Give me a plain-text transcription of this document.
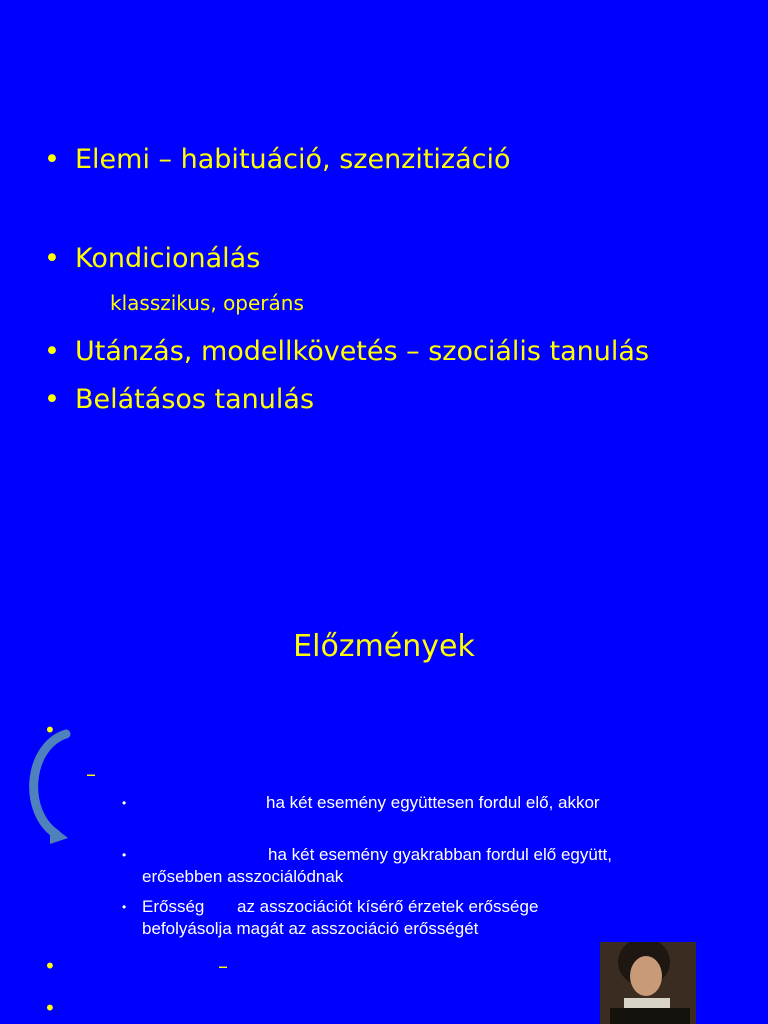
• Elemi – habituáció, szenzitizáció
• Kondicionálás
klasszikus, operáns
• Utánzás, modellkövetés – szociális tanulás
• Belátásos tanulás
Előzmények
•
–
•	ha két esemény együttesen fordul elő, akkor
•	ha két esemény gyakrabban fordul elő együtt,
erősebben asszociálódnak
• Erősség az asszociációt kísérő érzetek erőssége
befolyásolja magát az asszociáció erősségét
•	–
•
